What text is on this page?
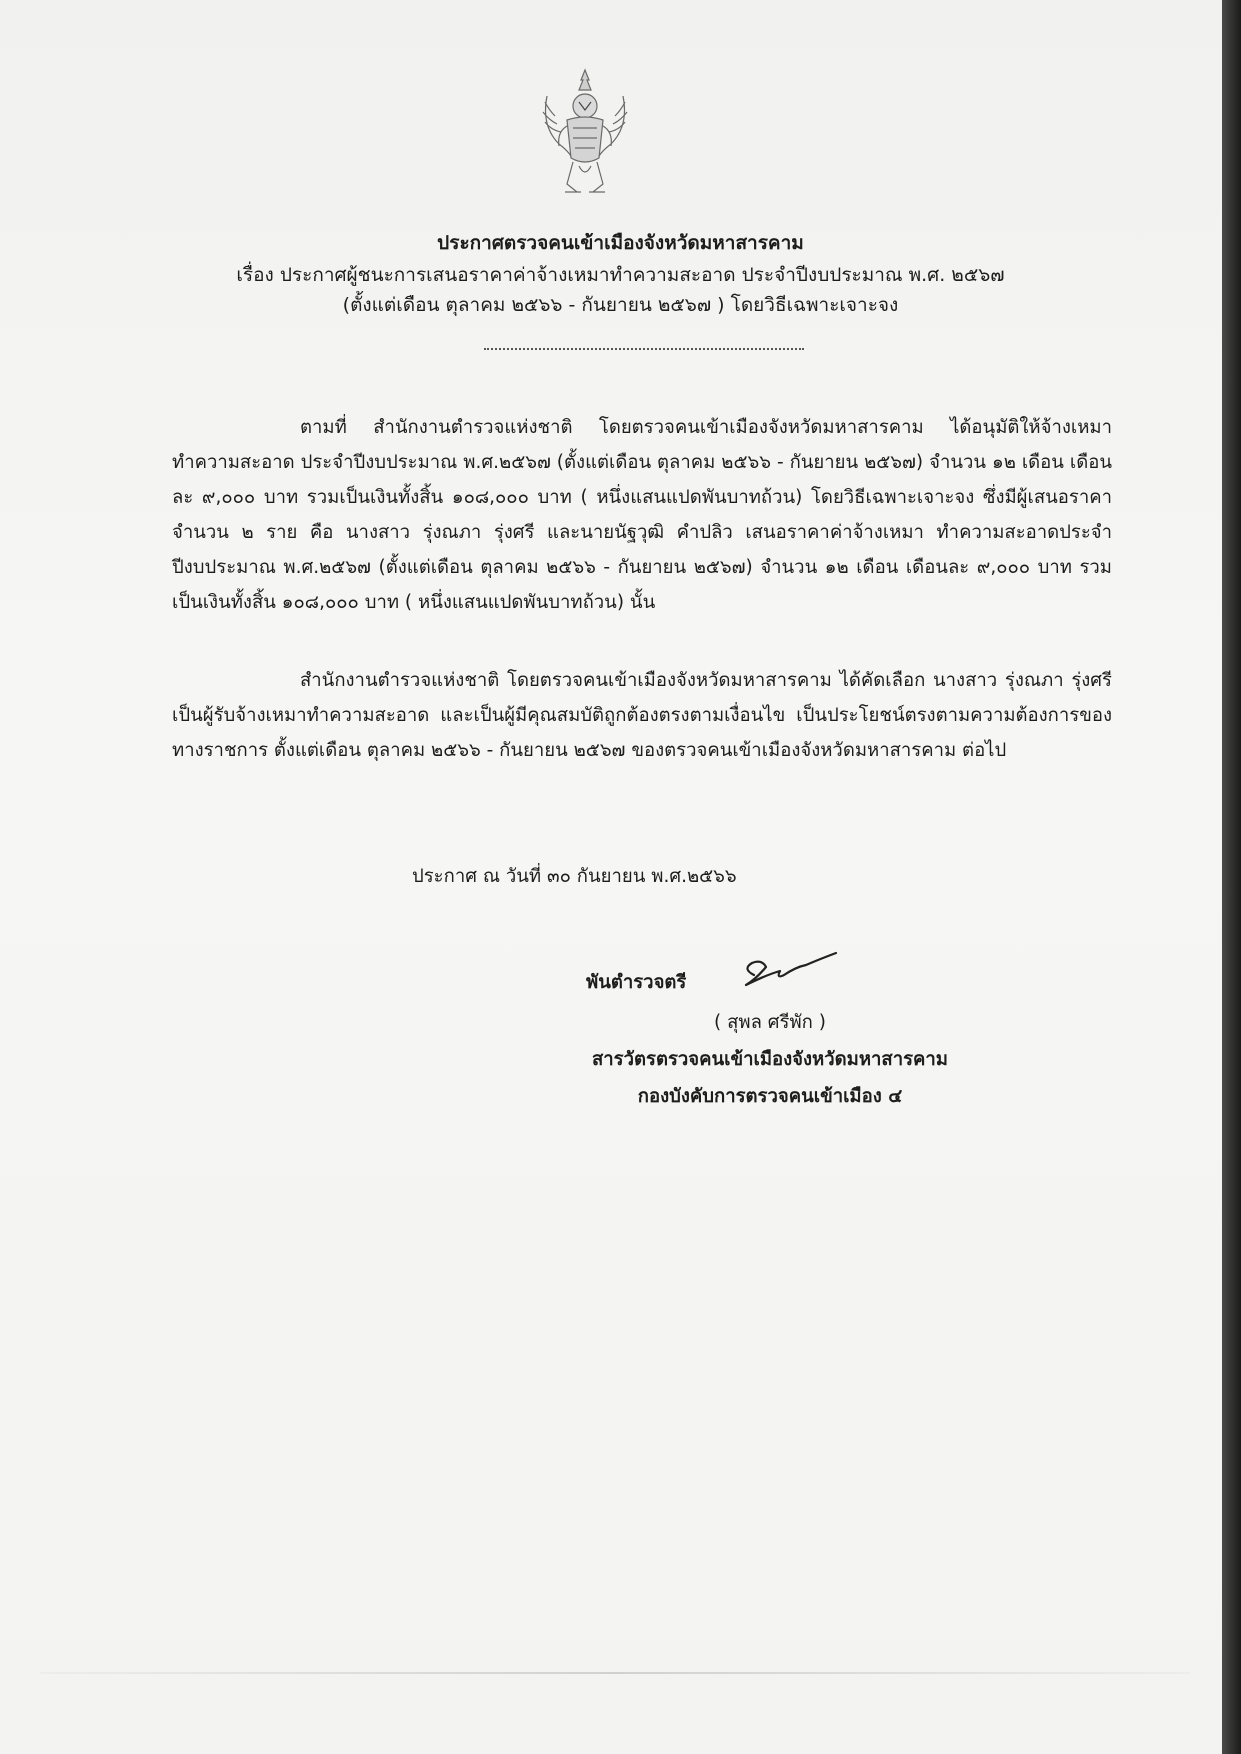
ประกาศตรวจคนเข้าเมืองจังหวัดมหาสารคาม
เรื่อง ประกาศผู้ชนะการเสนอราคาค่าจ้างเหมาทำความสะอาด ประจำปีงบประมาณ พ.ศ. ๒๕๖๗
(ตั้งแต่เดือน ตุลาคม ๒๕๖๖ - กันยายน ๒๕๖๗ ) โดยวิธีเฉพาะเจาะจง

ตามที่ สำนักงานตำรวจแห่งชาติ โดยตรวจคนเข้าเมืองจังหวัดมหาสารคาม ได้อนุมัติให้จ้างเหมาทำความสะอาด ประจำปีงบประมาณ พ.ศ.๒๕๖๗ (ตั้งแต่เดือน ตุลาคม ๒๕๖๖ - กันยายน ๒๕๖๗) จำนวน ๑๒ เดือน เดือนละ ๙,๐๐๐ บาท รวมเป็นเงินทั้งสิ้น ๑๐๘,๐๐๐ บาท ( หนึ่งแสนแปดพันบาทถ้วน) โดยวิธีเฉพาะเจาะจง ซึ่งมีผู้เสนอราคา จำนวน ๒ ราย คือ นางสาว รุ่งณภา รุ่งศรี และนายนัฐวุฒิ คำปลิว เสนอราคาค่าจ้างเหมา ทำความสะอาดประจำปีงบประมาณ พ.ศ.๒๕๖๗ (ตั้งแต่เดือน ตุลาคม ๒๕๖๖ - กันยายน ๒๕๖๗) จำนวน ๑๒ เดือน เดือนละ ๙,๐๐๐ บาท รวมเป็นเงินทั้งสิ้น ๑๐๘,๐๐๐ บาท ( หนึ่งแสนแปดพันบาทถ้วน) นั้น

สำนักงานตำรวจแห่งชาติ โดยตรวจคนเข้าเมืองจังหวัดมหาสารคาม ได้คัดเลือก นางสาว รุ่งณภา รุ่งศรี เป็นผู้รับจ้างเหมาทำความสะอาด และเป็นผู้มีคุณสมบัติถูกต้องตรงตามเงื่อนไข เป็นประโยชน์ตรงตามความต้องการของทางราชการ ตั้งแต่เดือน ตุลาคม ๒๕๖๖ - กันยายน ๒๕๖๗ ของตรวจคนเข้าเมืองจังหวัดมหาสารคาม ต่อไป

ประกาศ ณ วันที่ ๓๐ กันยายน พ.ศ.๒๕๖๖
พันตำรวจตรี
( สุพล ศรีพัก )
สารวัตรตรวจคนเข้าเมืองจังหวัดมหาสารคาม
กองบังคับการตรวจคนเข้าเมือง ๔
